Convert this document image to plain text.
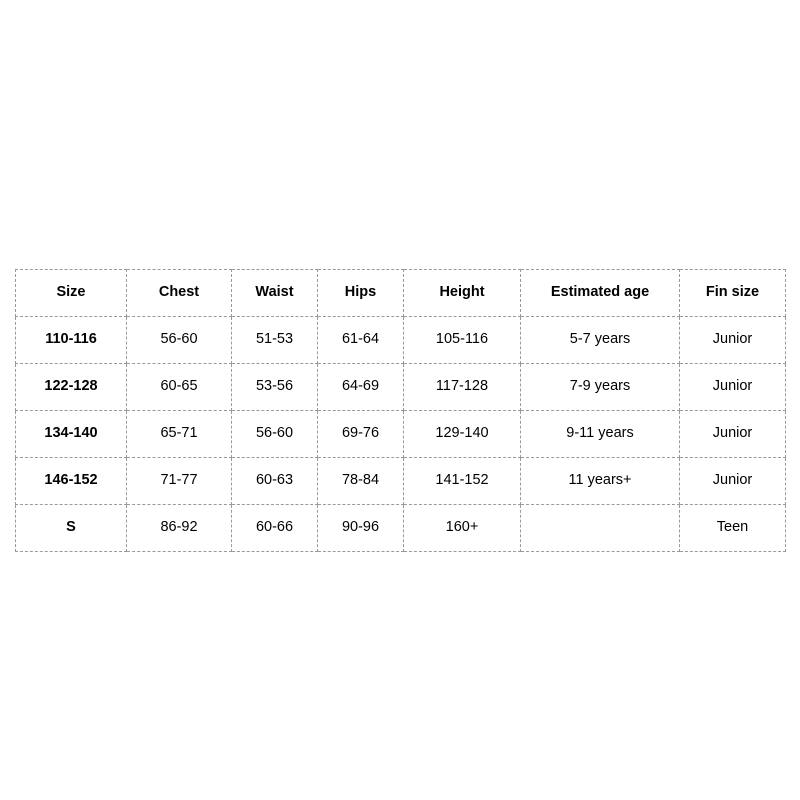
Size	Chest	Waist	Hips	Height	Estimated age	Fin size
110-116	56-60	51-53	61-64	105-116	5-7 years	Junior
122-128	60-65	53-56	64-69	117-128	7-9 years	Junior
134-140	65-71	56-60	69-76	129-140	9-11 years	Junior
146-152	71-77	60-63	78-84	141-152	11 years+	Junior
S	86-92	60-66	90-96	160+		Teen
